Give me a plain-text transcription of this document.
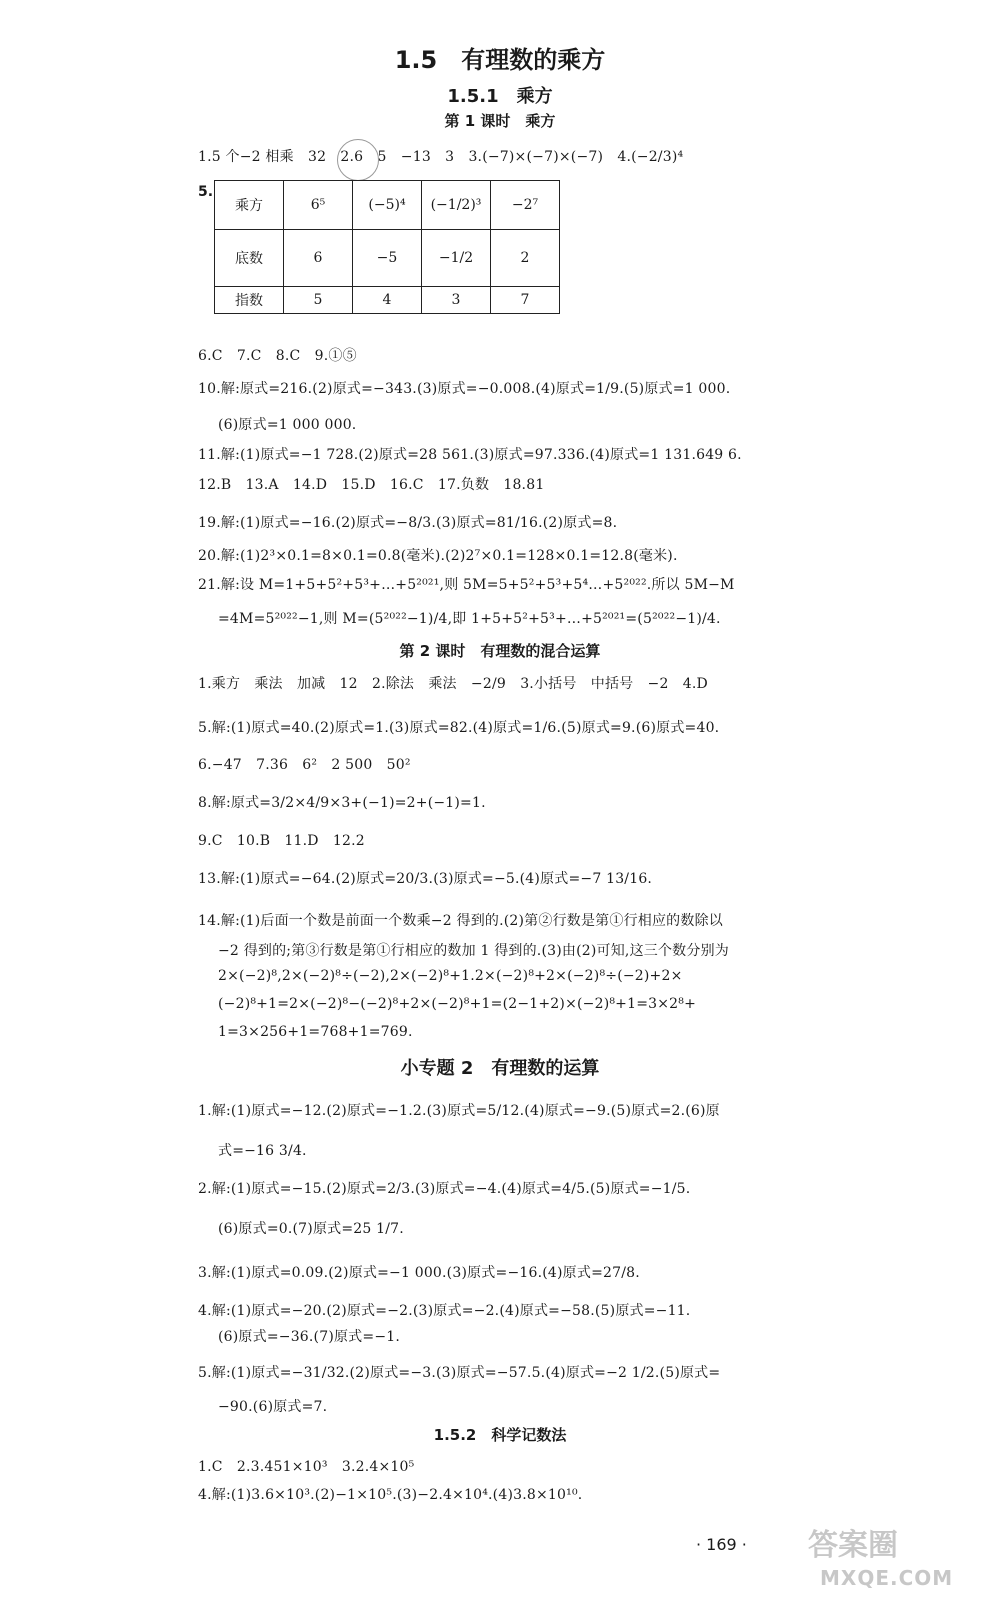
1.5　有理数的乘方
1.5.1　乘方
第 1 课时　乘方
1.5 个−2 相乘　32　2.6　5　−13　3　3.(−7)×(−7)×(−7)　4.(−2/3)⁴
5.
乘方	6⁵	(−5)⁴	(−1/2)³	−2⁷
底数	6	−5	−1/2	2
指数	5	4	3	7
6.C　7.C　8.C　9.①⑤
10.解:原式=216.(2)原式=−343.(3)原式=−0.008.(4)原式=1/9.(5)原式=1 000.
(6)原式=1 000 000.
11.解:(1)原式=−1 728.(2)原式=28 561.(3)原式=97.336.(4)原式=1 131.649 6.
12.B　13.A　14.D　15.D　16.C　17.负数　18.81
19.解:(1)原式=−16.(2)原式=−8/3.(3)原式=81/16.(2)原式=8.
20.解:(1)2³×0.1=8×0.1=0.8(毫米).(2)2⁷×0.1=128×0.1=12.8(毫米).
21.解:设 M=1+5+5²+5³+…+5²⁰²¹,则 5M=5+5²+5³+5⁴…+5²⁰²².所以 5M−M
=4M=5²⁰²²−1,则 M=(5²⁰²²−1)/4,即 1+5+5²+5³+…+5²⁰²¹=(5²⁰²²−1)/4.
第 2 课时　有理数的混合运算
1.乘方　乘法　加减　12　2.除法　乘法　−2/9　3.小括号　中括号　−2　4.D
5.解:(1)原式=40.(2)原式=1.(3)原式=82.(4)原式=1/6.(5)原式=9.(6)原式=40.
6.−47　7.36　6²　2 500　50²
8.解:原式=3/2×4/9×3+(−1)=2+(−1)=1.
9.C　10.B　11.D　12.2
13.解:(1)原式=−64.(2)原式=20/3.(3)原式=−5.(4)原式=−7 13/16.
14.解:(1)后面一个数是前面一个数乘−2 得到的.(2)第②行数是第①行相应的数除以
−2 得到的;第③行数是第①行相应的数加 1 得到的.(3)由(2)可知,这三个数分别为
2×(−2)⁸,2×(−2)⁸÷(−2),2×(−2)⁸+1.2×(−2)⁸+2×(−2)⁸÷(−2)+2×
(−2)⁸+1=2×(−2)⁸−(−2)⁸+2×(−2)⁸+1=(2−1+2)×(−2)⁸+1=3×2⁸+
1=3×256+1=768+1=769.
小专题 2　有理数的运算
1.解:(1)原式=−12.(2)原式=−1.2.(3)原式=5/12.(4)原式=−9.(5)原式=2.(6)原
式=−16 3/4.
2.解:(1)原式=−15.(2)原式=2/3.(3)原式=−4.(4)原式=4/5.(5)原式=−1/5.
(6)原式=0.(7)原式=25 1/7.
3.解:(1)原式=0.09.(2)原式=−1 000.(3)原式=−16.(4)原式=27/8.
4.解:(1)原式=−20.(2)原式=−2.(3)原式=−2.(4)原式=−58.(5)原式=−11.
(6)原式=−36.(7)原式=−1.
5.解:(1)原式=−31/32.(2)原式=−3.(3)原式=−57.5.(4)原式=−2 1/2.(5)原式=
−90.(6)原式=7.
1.5.2　科学记数法
1.C　2.3.451×10³　3.2.4×10⁵
4.解:(1)3.6×10³.(2)−1×10⁵.(3)−2.4×10⁴.(4)3.8×10¹⁰.
· 169 · 答案圈
MXQE.COM
